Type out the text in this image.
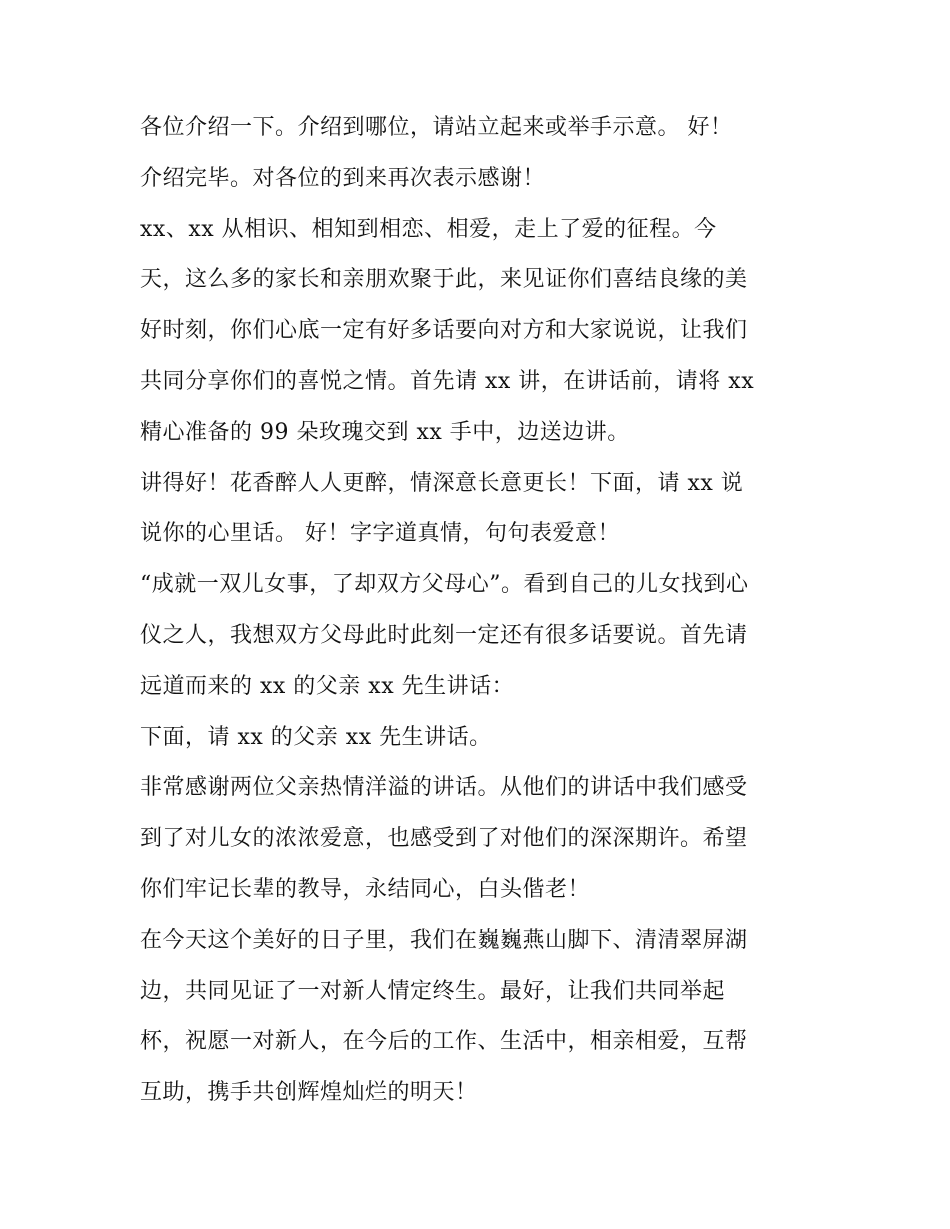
各位介绍一下。介绍到哪位，请站立起来或举手示意。 好！
介绍完毕。对各位的到来再次表示感谢！
xx、xx 从相识、相知到相恋、相爱，走上了爱的征程。今
天，这么多的家长和亲朋欢聚于此，来见证你们喜结良缘的美
好时刻，你们心底一定有好多话要向对方和大家说说，让我们
共同分享你们的喜悦之情。首先请 xx 讲，在讲话前，请将 xx
精心准备的 99 朵玫瑰交到 xx 手中，边送边讲。
讲得好！花香醉人人更醉，情深意长意更长！下面，请 xx 说
说你的心里话。 好！字字道真情，句句表爱意！
“成就一双儿女事，了却双方父母心”。看到自己的儿女找到心
仪之人，我想双方父母此时此刻一定还有很多话要说。首先请
远道而来的 xx 的父亲 xx 先生讲话：
下面，请 xx 的父亲 xx 先生讲话。
非常感谢两位父亲热情洋溢的讲话。从他们的讲话中我们感受
到了对儿女的浓浓爱意，也感受到了对他们的深深期许。希望
你们牢记长辈的教导，永结同心，白头偕老！
在今天这个美好的日子里，我们在巍巍燕山脚下、清清翠屏湖
边，共同见证了一对新人情定终生。最好，让我们共同举起
杯，祝愿一对新人，在今后的工作、生活中，相亲相爱，互帮
互助，携手共创辉煌灿烂的明天！
